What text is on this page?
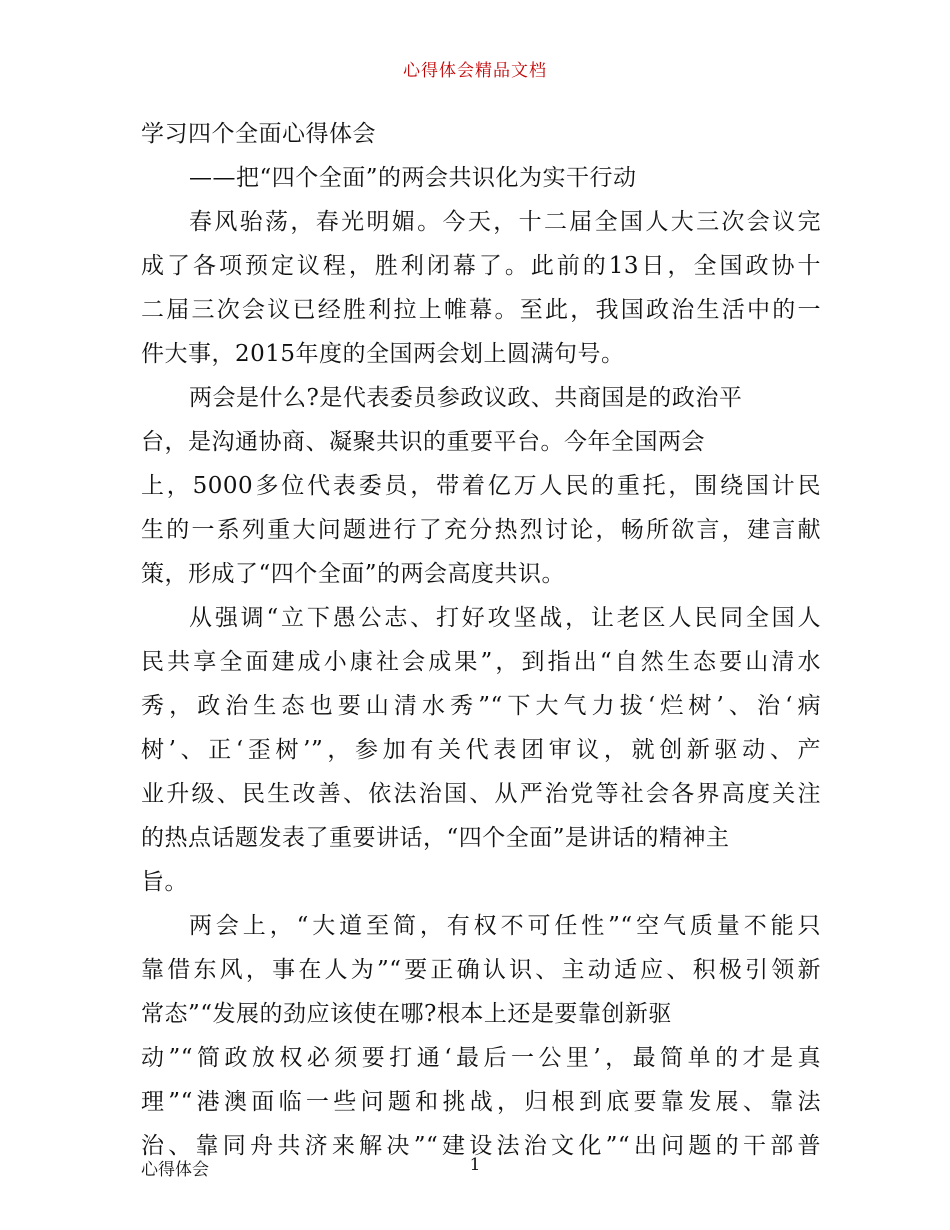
心得体会精品文档
学习四个全面心得体会
——把“四个全面”的两会共识化为实干行动
春风骀荡，春光明媚。今天，十二届全国人大三次会议完
成了各项预定议程，胜利闭幕了。此前的13日，全国政协十
二届三次会议已经胜利拉上帷幕。至此，我国政治生活中的一
件大事，2015年度的全国两会划上圆满句号。
两会是什么?是代表委员参政议政、共商国是的政治平
台，是沟通协商、凝聚共识的重要平台。今年全国两会
上，5000多位代表委员，带着亿万人民的重托，围绕国计民
生的一系列重大问题进行了充分热烈讨论，畅所欲言，建言献
策，形成了“四个全面”的两会高度共识。
从强调“立下愚公志、打好攻坚战，让老区人民同全国人
民共享全面建成小康社会成果”，到指出“自然生态要山清水
秀，政治生态也要山清水秀”“下大气力拔‘烂树’、治‘病
树’、正‘歪树’”，参加有关代表团审议，就创新驱动、产
业升级、民生改善、依法治国、从严治党等社会各界高度关注
的热点话题发表了重要讲话，“四个全面”是讲话的精神主
旨。
两会上，“大道至简，有权不可任性”“空气质量不能只
靠借东风，事在人为”“要正确认识、主动适应、积极引领新
常态”“发展的劲应该使在哪?根本上还是要靠创新驱
动”“简政放权必须要打通‘最后一公里’，最简单的才是真
理”“港澳面临一些问题和挑战，归根到底要靠发展、靠法
治、靠同舟共济来解决”“建设法治文化”“出问题的干部普
1
心得体会
